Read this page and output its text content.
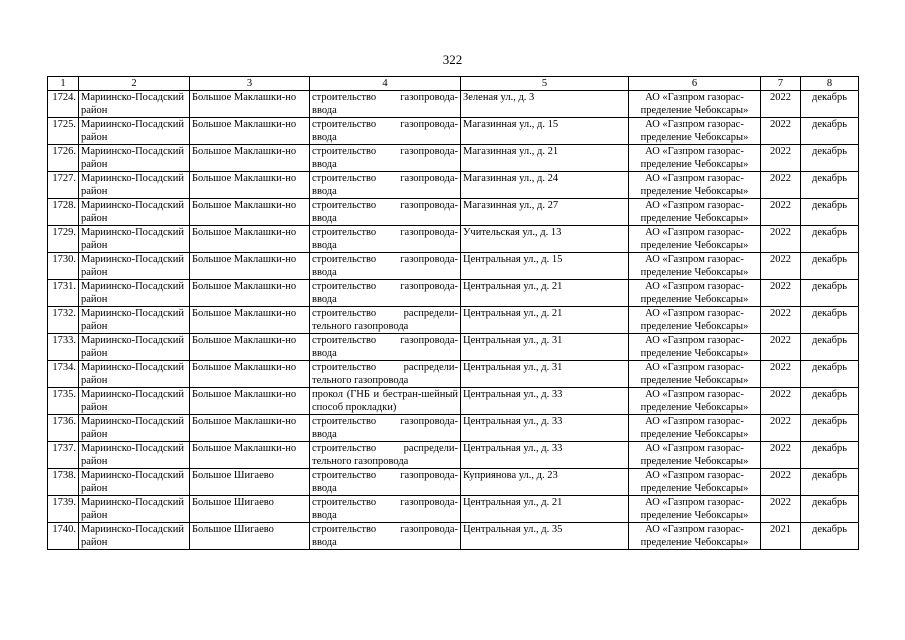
322
1	2	3	4	5	6	7	8
1724.	Мариинско-Посадский район	Большое Маклашки-но	строительство газопровода-ввода	Зеленая ул., д. 3	АО «Газпром газорас-пределение Чебоксары»	2022	декабрь
1725.	Мариинско-Посадский район	Большое Маклашки-но	строительство газопровода-ввода	Магазинная ул., д. 15	АО «Газпром газорас-пределение Чебоксары»	2022	декабрь
1726.	Мариинско-Посадский район	Большое Маклашки-но	строительство газопровода-ввода	Магазинная ул., д. 21	АО «Газпром газорас-пределение Чебоксары»	2022	декабрь
1727.	Мариинско-Посадский район	Большое Маклашки-но	строительство газопровода-ввода	Магазинная ул., д. 24	АО «Газпром газорас-пределение Чебоксары»	2022	декабрь
1728.	Мариинско-Посадский район	Большое Маклашки-но	строительство газопровода-ввода	Магазинная ул., д. 27	АО «Газпром газорас-пределение Чебоксары»	2022	декабрь
1729.	Мариинско-Посадский район	Большое Маклашки-но	строительство газопровода-ввода	Учительская ул., д. 13	АО «Газпром газорас-пределение Чебоксары»	2022	декабрь
1730.	Мариинско-Посадский район	Большое Маклашки-но	строительство газопровода-ввода	Центральная ул., д. 15	АО «Газпром газорас-пределение Чебоксары»	2022	декабрь
1731.	Мариинско-Посадский район	Большое Маклашки-но	строительство газопровода-ввода	Центральная ул., д. 21	АО «Газпром газорас-пределение Чебоксары»	2022	декабрь
1732.	Мариинско-Посадский район	Большое Маклашки-но	строительство распредели-тельного газопровода	Центральная ул., д. 21	АО «Газпром газорас-пределение Чебоксары»	2022	декабрь
1733.	Мариинско-Посадский район	Большое Маклашки-но	строительство газопровода-ввода	Центральная ул., д. 31	АО «Газпром газорас-пределение Чебоксары»	2022	декабрь
1734.	Мариинско-Посадский район	Большое Маклашки-но	строительство распредели-тельного газопровода	Центральная ул., д. 31	АО «Газпром газорас-пределение Чебоксары»	2022	декабрь
1735.	Мариинско-Посадский район	Большое Маклашки-но	прокол (ГНБ и бестран-шейный способ прокладки)	Центральная ул., д. 33	АО «Газпром газорас-пределение Чебоксары»	2022	декабрь
1736.	Мариинско-Посадский район	Большое Маклашки-но	строительство газопровода-ввода	Центральная ул., д. 33	АО «Газпром газорас-пределение Чебоксары»	2022	декабрь
1737.	Мариинско-Посадский район	Большое Маклашки-но	строительство распредели-тельного газопровода	Центральная ул., д. 33	АО «Газпром газорас-пределение Чебоксары»	2022	декабрь
1738.	Мариинско-Посадский район	Большое Шигаево	строительство газопровода-ввода	Куприянова ул., д. 23	АО «Газпром газорас-пределение Чебоксары»	2022	декабрь
1739.	Мариинско-Посадский район	Большое Шигаево	строительство газопровода-ввода	Центральная ул., д. 21	АО «Газпром газорас-пределение Чебоксары»	2022	декабрь
1740.	Мариинско-Посадский район	Большое Шигаево	строительство газопровода-ввода	Центральная ул., д. 35	АО «Газпром газорас-пределение Чебоксары»	2021	декабрь
